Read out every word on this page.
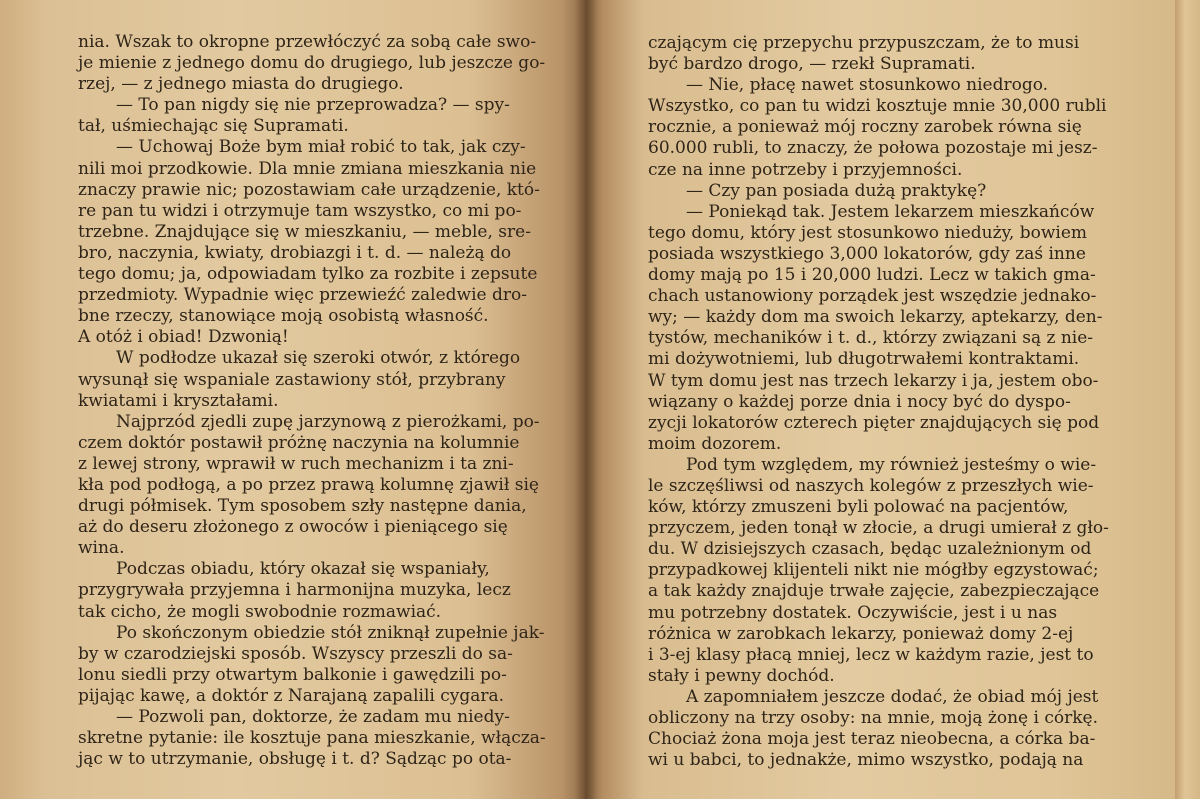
nia. Wszak to okropne przewłóczyć za sobą całe swo-
je mienie z jednego domu do drugiego, lub jeszcze go-
rzej, — z jednego miasta do drugiego.
— To pan nigdy się nie przeprowadza? — spy-
tał, uśmiechając się Supramati.
— Uchowaj Boże bym miał robić to tak, jak czy-
nili moi przodkowie. Dla mnie zmiana mieszkania nie
znaczy prawie nic; pozostawiam całe urządzenie, któ-
re pan tu widzi i otrzymuje tam wszystko, co mi po-
trzebne. Znajdujące się w mieszkaniu, — meble, sre-
bro, naczynia, kwiaty, drobiazgi i t. d. — należą do
tego domu; ja, odpowiadam tylko za rozbite i zepsute
przedmioty. Wypadnie więc przewieźć zaledwie dro-
bne rzeczy, stanowiące moją osobistą własność.
A otóż i obiad! Dzwonią!
W podłodze ukazał się szeroki otwór, z którego
wysunął się wspaniale zastawiony stół, przybrany
kwiatami i kryształami.
Najprzód zjedli zupę jarzynową z pierożkami, po-
czem doktór postawił próżnę naczynia na kolumnie
z lewej strony, wprawił w ruch mechanizm i ta zni-
kła pod podłogą, a po przez prawą kolumnę zjawił się
drugi półmisek. Tym sposobem szły następne dania,
aż do deseru złożonego z owoców i pieniącego się
wina.
Podczas obiadu, który okazał się wspaniały,
przygrywała przyjemna i harmonijna muzyka, lecz
tak cicho, że mogli swobodnie rozmawiać.
Po skończonym obiedzie stół zniknął zupełnie jak-
by w czarodziejski sposób. Wszyscy przeszli do sa-
lonu siedli przy otwartym balkonie i gawędzili po-
pijając kawę, a doktór z Narajaną zapalili cygara.
— Pozwoli pan, doktorze, że zadam mu niedy-
skretne pytanie: ile kosztuje pana mieszkanie, włącza-
jąc w to utrzymanie, obsługę i t. d? Sądząc po ota-
czającym cię przepychu przypuszczam, że to musi
być bardzo drogo, — rzekł Supramati.
— Nie, płacę nawet stosunkowo niedrogo.
Wszystko, co pan tu widzi kosztuje mnie 30,000 rubli
rocznie, a ponieważ mój roczny zarobek równa się
60.000 rubli, to znaczy, że połowa pozostaje mi jesz-
cze na inne potrzeby i przyjemności.
— Czy pan posiada dużą praktykę?
— Poniekąd tak. Jestem lekarzem mieszkańców
tego domu, który jest stosunkowo nieduży, bowiem
posiada wszystkiego 3,000 lokatorów, gdy zaś inne
domy mają po 15 i 20,000 ludzi. Lecz w takich gma-
chach ustanowiony porządek jest wszędzie jednako-
wy; — każdy dom ma swoich lekarzy, aptekarzy, den-
tystów, mechaników i t. d., którzy związani są z nie-
mi dożywotniemi, lub długotrwałemi kontraktami.
W tym domu jest nas trzech lekarzy i ja, jestem obo-
wiązany o każdej porze dnia i nocy być do dyspo-
zycji lokatorów czterech pięter znajdujących się pod
moim dozorem.
Pod tym względem, my również jesteśmy o wie-
le szczęśliwsi od naszych kolegów z przeszłych wie-
ków, którzy zmuszeni byli polować na pacjentów,
przyczem, jeden tonął w złocie, a drugi umierał z gło-
du. W dzisiejszych czasach, będąc uzależnionym od
przypadkowej klijenteli nikt nie mógłby egzystować;
a tak każdy znajduje trwałe zajęcie, zabezpieczające
mu potrzebny dostatek. Oczywiście, jest i u nas
różnica w zarobkach lekarzy, ponieważ domy 2-ej
i 3-ej klasy płacą mniej, lecz w każdym razie, jest to
stały i pewny dochód.
A zapomniałem jeszcze dodać, że obiad mój jest
obliczony na trzy osoby: na mnie, moją żonę i córkę.
Chociaż żona moja jest teraz nieobecna, a córka ba-
wi u babci, to jednakże, mimo wszystko, podają na
